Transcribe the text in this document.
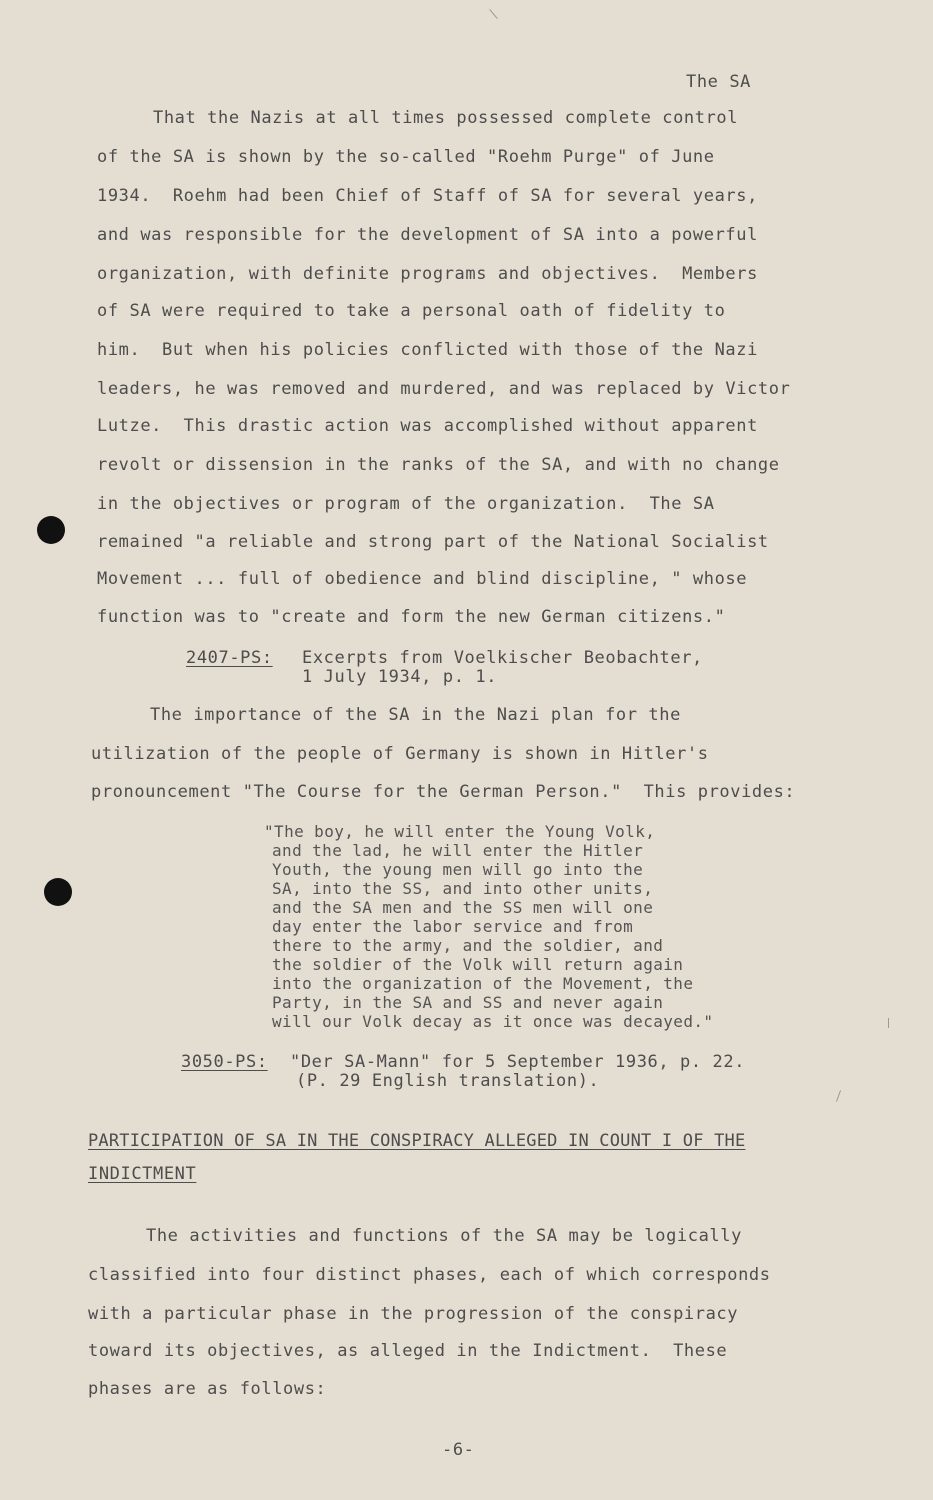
The SA
That the Nazis at all times possessed complete control
of the SA is shown by the so-called "Roehm Purge" of June
1934.  Roehm had been Chief of Staff of SA for several years,
and was responsible for the development of SA into a powerful
organization, with definite programs and objectives.  Members
of SA were required to take a personal oath of fidelity to
him.  But when his policies conflicted with those of the Nazi
leaders, he was removed and murdered, and was replaced by Victor
Lutze.  This drastic action was accomplished without apparent
revolt or dissension in the ranks of the SA, and with no change
in the objectives or program of the organization.  The SA
remained "a reliable and strong part of the National Socialist
Movement ... full of obedience and blind discipline, " whose
function was to "create and form the new German citizens."
2407-PS: Excerpts from Voelkischer Beobachter,
1 July 1934, p. 1.
The importance of the SA in the Nazi plan for the
utilization of the people of Germany is shown in Hitler's
pronouncement "The Course for the German Person."  This provides:
"The boy, he will enter the Young Volk,
and the lad, he will enter the Hitler
Youth, the young men will go into the
SA, into the SS, and into other units,
and the SA men and the SS men will one
day enter the labor service and from
there to the army, and the soldier, and
the soldier of the Volk will return again
into the organization of the Movement, the
Party, in the SA and SS and never again
will our Volk decay as it once was decayed."
3050-PS: "Der SA-Mann" for 5 September 1936, p. 22.
(P. 29 English translation).
PARTICIPATION OF SA IN THE CONSPIRACY ALLEGED IN COUNT I OF THE
INDICTMENT
The activities and functions of the SA may be logically
classified into four distinct phases, each of which corresponds
with a particular phase in the progression of the conspiracy
toward its objectives, as alleged in the Indictment.  These
phases are as follows:
-6-
